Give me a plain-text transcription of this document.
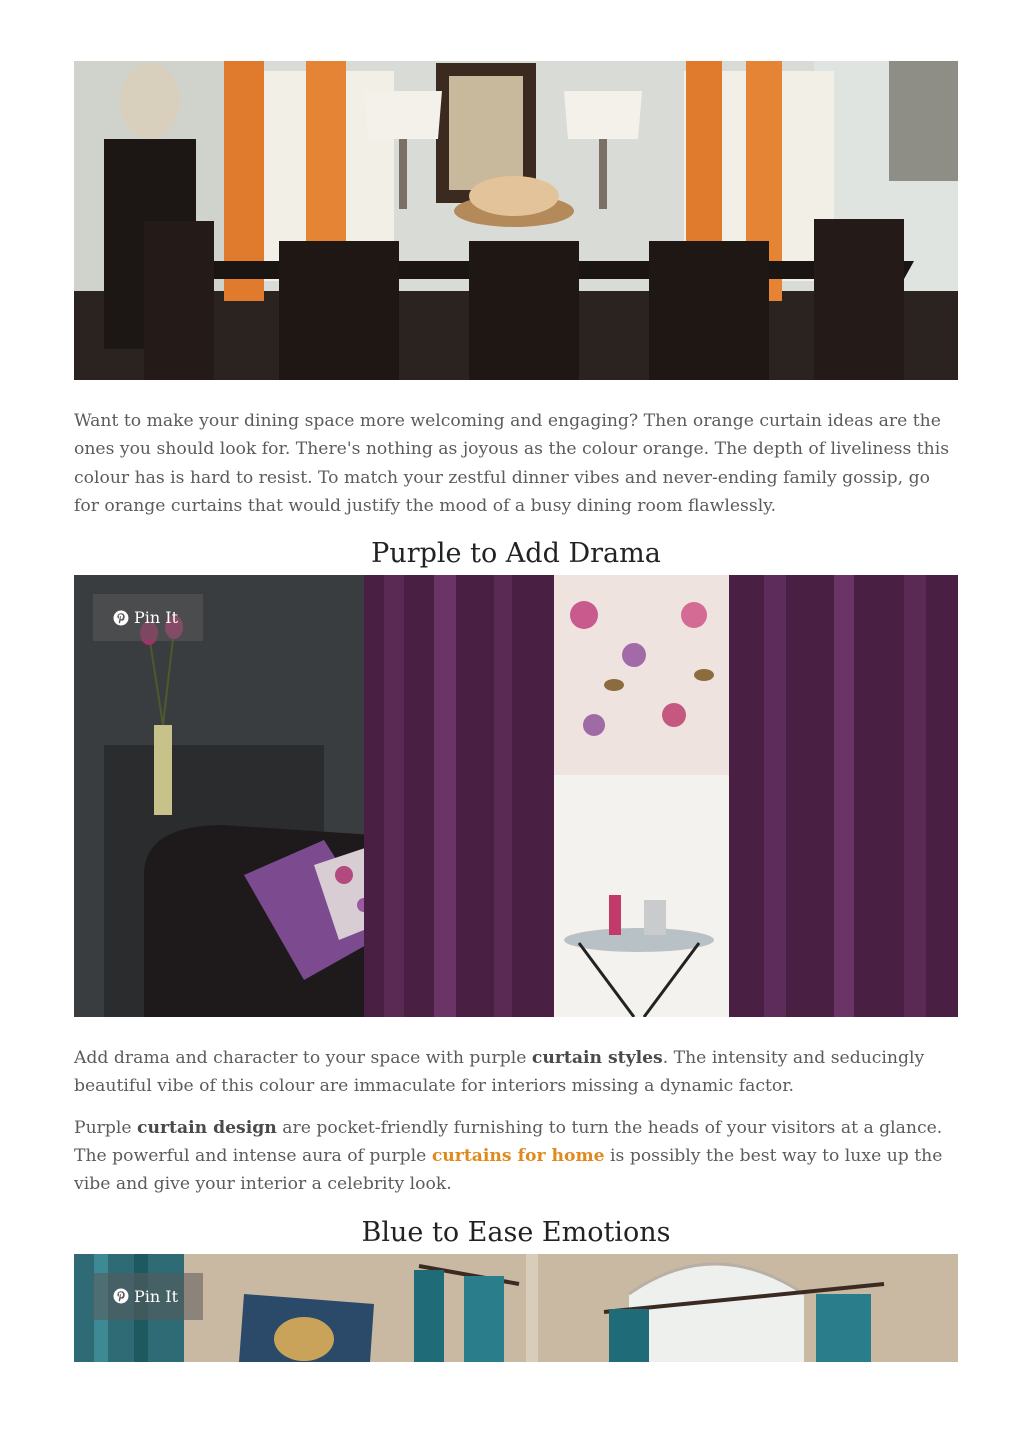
Want to make your dining space more welcoming and engaging? Then orange curtain ideas are the ones you should look for. There's nothing as joyous as the colour orange. The depth of liveliness this colour has is hard to resist. To match your zestful dinner vibes and never-ending family gossip, go for orange curtains that would justify the mood of a busy dining room flawlessly.

Purple to Add Drama
Pin It

Add drama and character to your space with purple curtain styles. The intensity and seducingly beautiful vibe of this colour are immaculate for interiors missing a dynamic factor.

Purple curtain design are pocket-friendly furnishing to turn the heads of your visitors at a glance. The powerful and intense aura of purple curtains for home is possibly the best way to luxe up the vibe and give your interior a celebrity look.

Blue to Ease Emotions
Pin It
